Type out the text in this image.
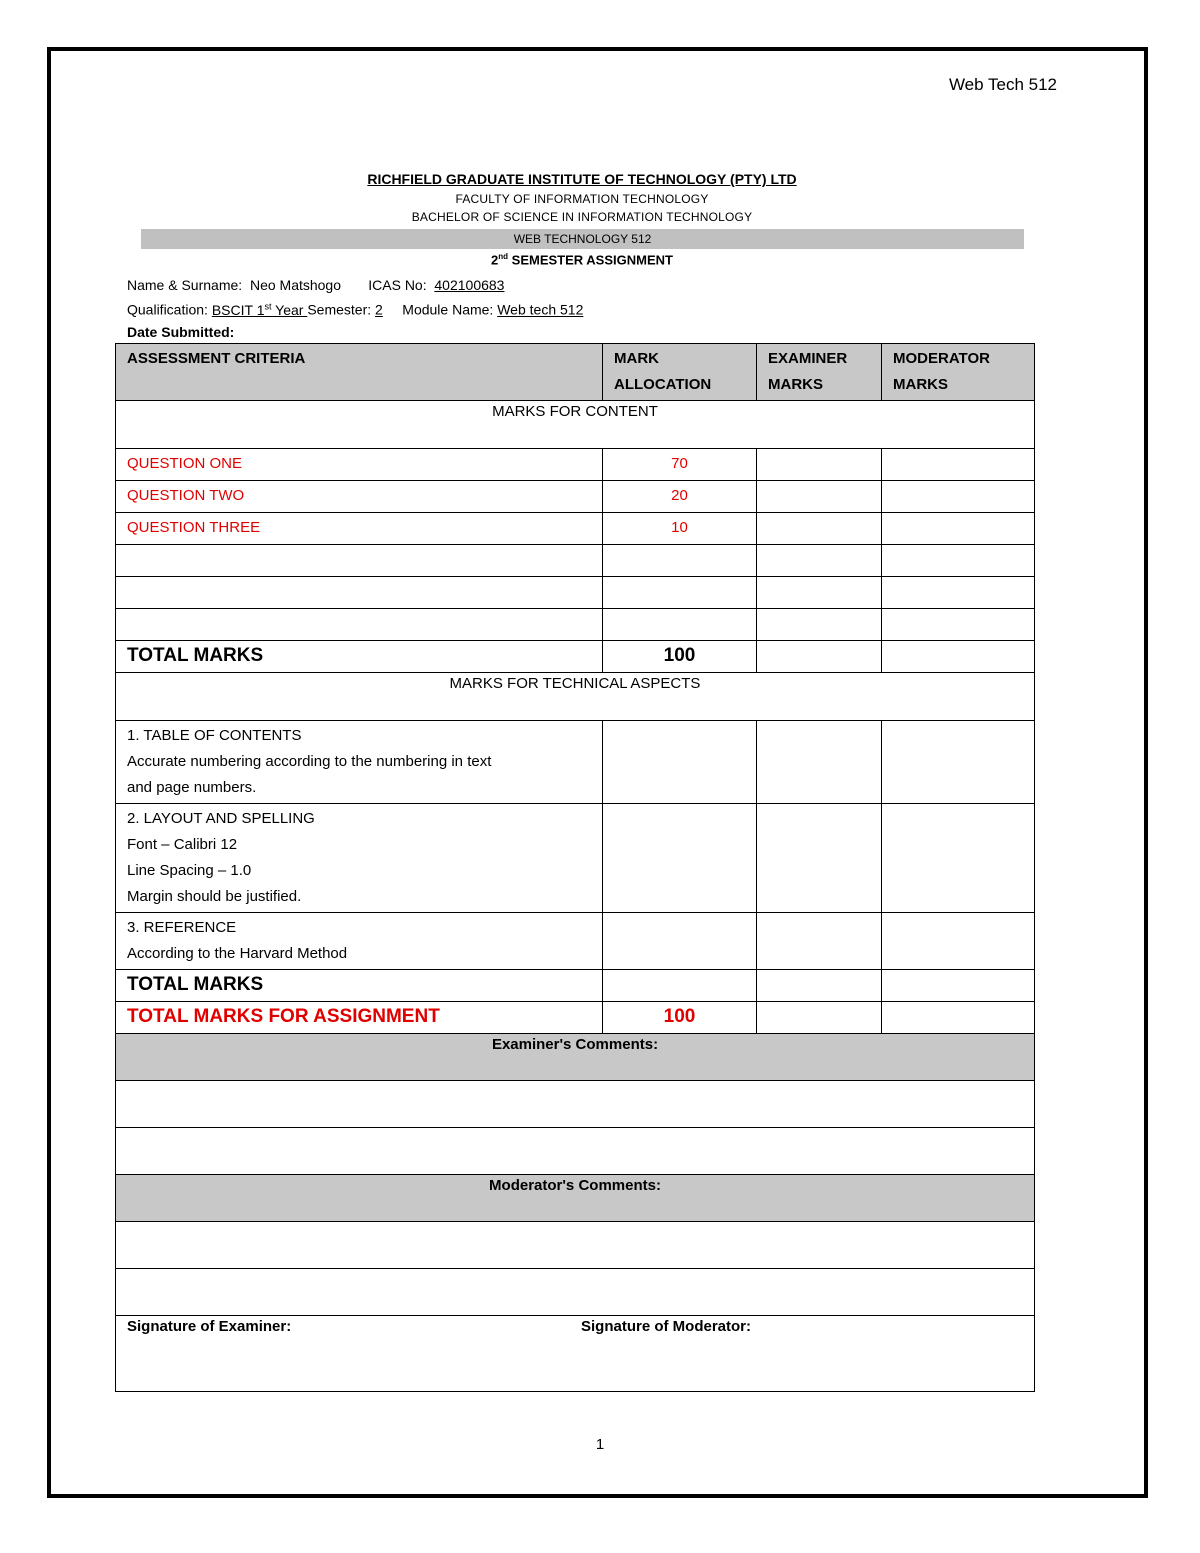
Web Tech 512
RICHFIELD GRADUATE INSTITUTE OF TECHNOLOGY (PTY) LTD
FACULTY OF INFORMATION TECHNOLOGY
BACHELOR OF SCIENCE IN INFORMATION TECHNOLOGY
WEB TECHNOLOGY 512
2nd SEMESTER ASSIGNMENT
Name & Surname: Neo Matshogo ICAS No: 402100683
Qualification: BSCIT 1st Year Semester: 2 Module Name: Web tech 512
Date Submitted:
ASSESSMENT CRITERIA	MARK ALLOCATION	EXAMINER MARKS	MODERATOR MARKS
MARKS FOR CONTENT			
QUESTION ONE	70		
QUESTION TWO	20		
QUESTION THREE	10		

TOTAL MARKS	100		
MARKS FOR TECHNICAL ASPECTS			

1. TABLE OF CONTENTS
Accurate numbering according to the numbering in text
and page numbers.			

2. LAYOUT AND SPELLING
Font – Calibri 12
Line Spacing – 1.0
Margin should be justified.			

3. REFERENCE
According to the Harvard Method			

TOTAL MARKS			
TOTAL MARKS FOR ASSIGNMENT	100		
Examiner's Comments:			

Moderator's Comments:			

Signature of Examiner: Signature of Moderator:			
1
